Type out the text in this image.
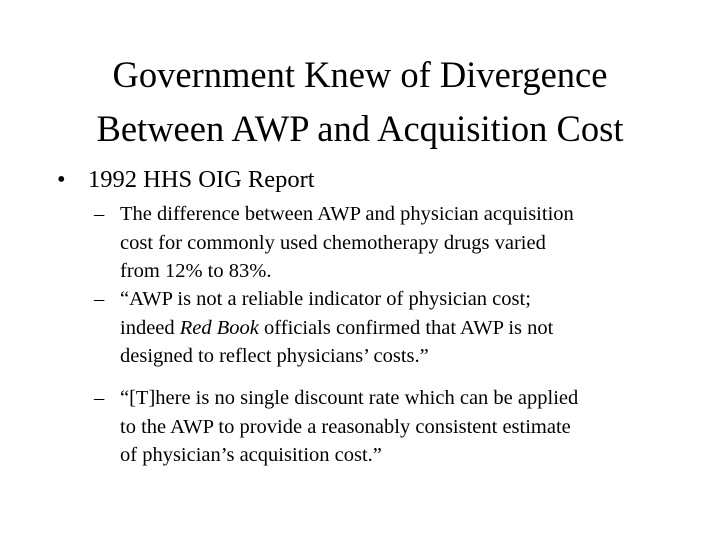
Government Knew of Divergence
Between AWP and Acquisition Cost
• 1992 HHS OIG Report
– The difference between AWP and physician acquisition
cost for commonly used chemotherapy drugs varied
from 12% to 83%.
– “AWP is not a reliable indicator of physician cost;
indeed Red Book officials confirmed that AWP is not
designed to reflect physicians’ costs.”
– “[T]here is no single discount rate which can be applied
to the AWP to provide a reasonably consistent estimate
of physician’s acquisition cost.”
